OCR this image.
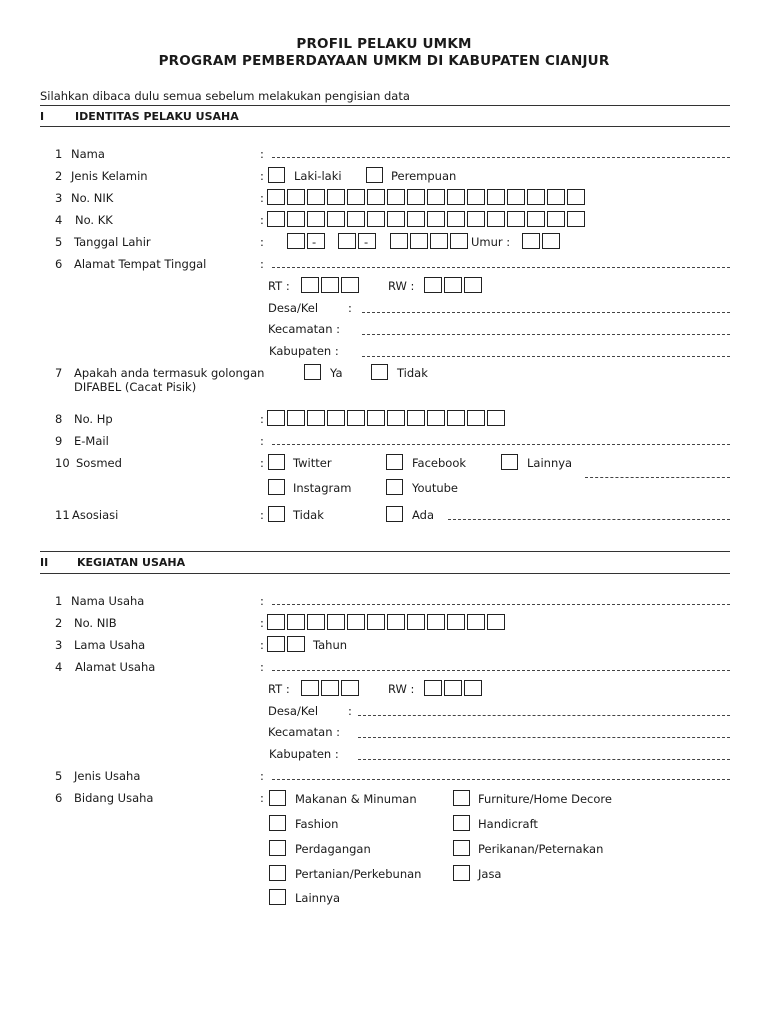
PROFIL PELAKU UMKM
PROGRAM PEMBERDAYAAN UMKM DI KABUPATEN CIANJUR
Silahkan dibaca dulu semua sebelum melakukan pengisian data
I	IDENTITAS PELAKU USAHA
1 Nama	:
2 Jenis Kelamin	:	Laki-laki	Perempuan
3 No. NIK	:
4 No. KK	:
5 Tanggal Lahir	:	-	-	Umur :
6 Alamat Tempat Tinggal	:
RT :	RW :
Desa/Kel	:
Kecamatan :
Kabupaten :
7 Apakah anda termasuk golongan
DIFABEL (Cacat Pisik)
Ya	Tidak
8 No. Hp	:
9 E-Mail	:
10 Sosmed	:	Twitter	Facebook	Lainnya
Instagram	Youtube
11 Asosiasi	:	Tidak	Ada
II	KEGIATAN USAHA
1 Nama Usaha	:
2 No. NIB	:
3 Lama Usaha	:	Tahun
4 Alamat Usaha	:
RT :	RW :
Desa/Kel	:
Kecamatan :
Kabupaten :
5 Jenis Usaha	:
6 Bidang Usaha	:	Makanan & Minuman	Furniture/Home Decore
Fashion	Handicraft
Perdagangan	Perikanan/Peternakan
Pertanian/Perkebunan	Jasa
Lainnya
